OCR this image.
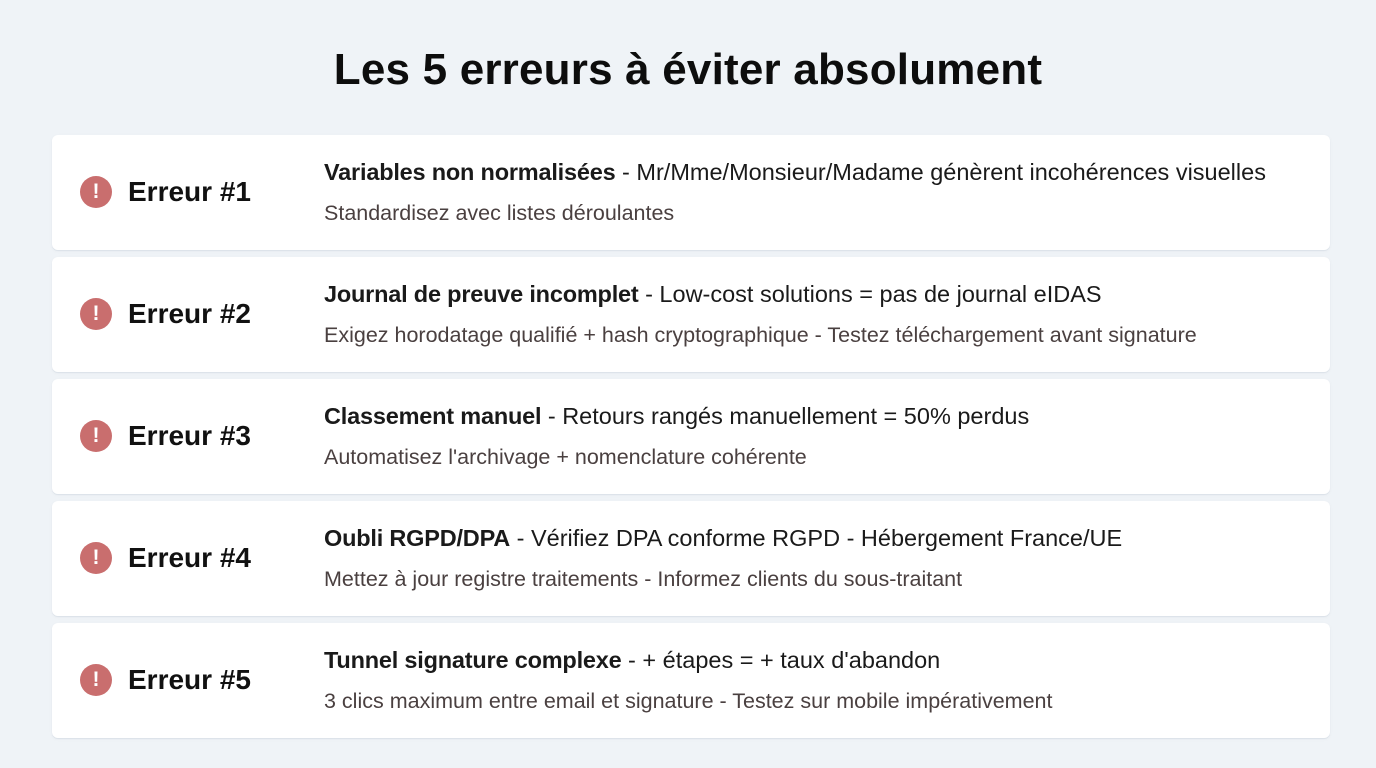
Les 5 erreurs à éviter absolument
!	Erreur #1
Variables non normalisées - Mr/Mme/Monsieur/Madame génèrent incohérences visuelles
Standardisez avec listes déroulantes
!	Erreur #2
Journal de preuve incomplet - Low-cost solutions = pas de journal eIDAS
Exigez horodatage qualifié + hash cryptographique - Testez téléchargement avant signature
!	Erreur #3
Classement manuel - Retours rangés manuellement = 50% perdus
Automatisez l'archivage + nomenclature cohérente
!	Erreur #4
Oubli RGPD/DPA - Vérifiez DPA conforme RGPD - Hébergement France/UE
Mettez à jour registre traitements - Informez clients du sous-traitant
!	Erreur #5
Tunnel signature complexe - + étapes = + taux d'abandon
3 clics maximum entre email et signature - Testez sur mobile impérativement
